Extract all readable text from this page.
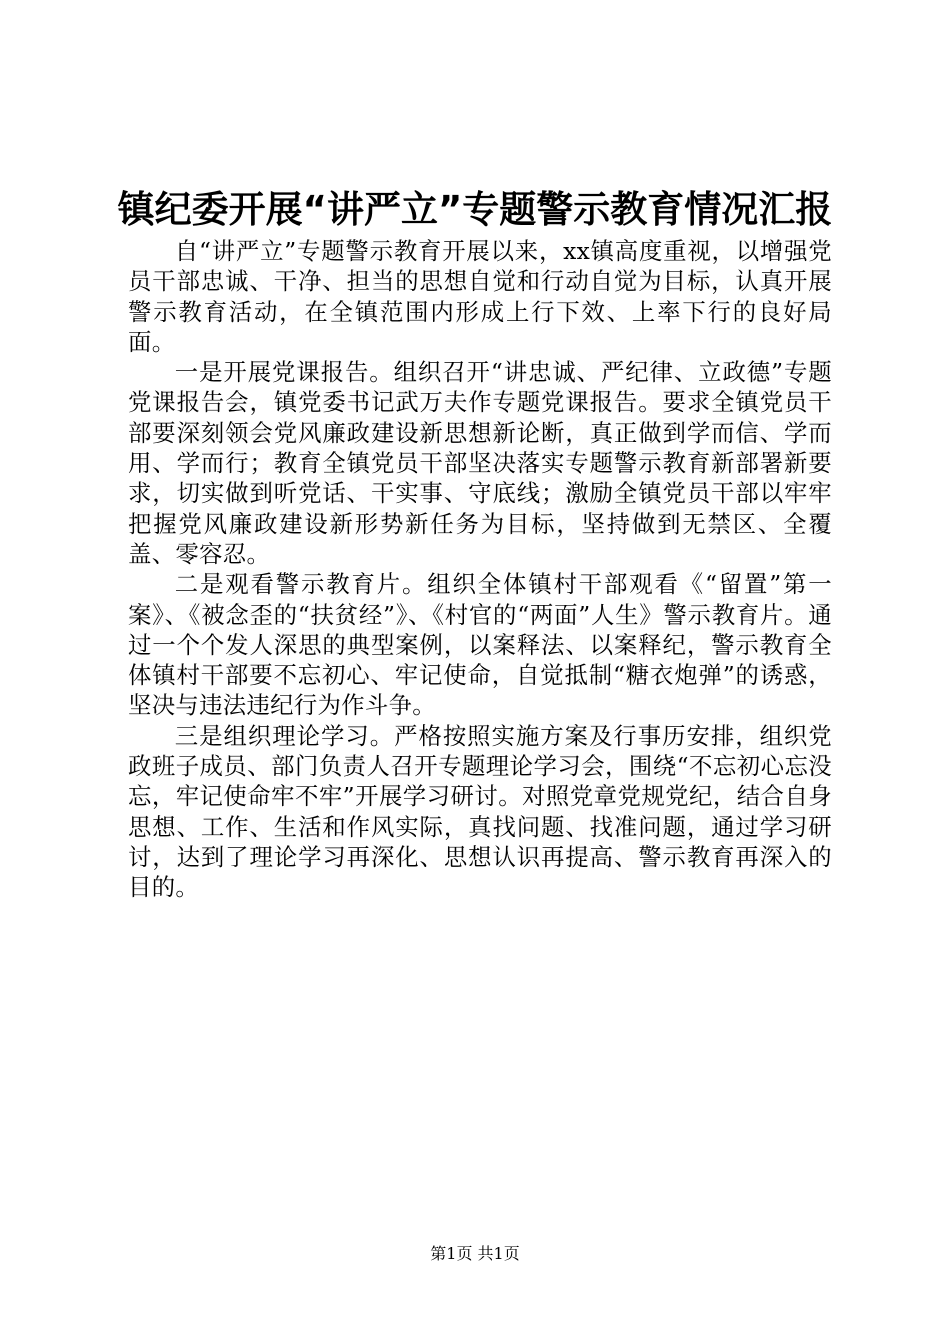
镇纪委开展“讲严立”专题警示教育情况汇报

自“讲严立”专题警示教育开展以来，xx镇高度重视，以增强党员干部忠诚、干净、担当的思想自觉和行动自觉为目标，认真开展警示教育活动，在全镇范围内形成上行下效、上率下行的良好局面。

一是开展党课报告。组织召开“讲忠诚、严纪律、立政德”专题党课报告会，镇党委书记武万夫作专题党课报告。要求全镇党员干部要深刻领会党风廉政建设新思想新论断，真正做到学而信、学而用、学而行；教育全镇党员干部坚决落实专题警示教育新部署新要求，切实做到听党话、干实事、守底线；激励全镇党员干部以牢牢把握党风廉政建设新形势新任务为目标，坚持做到无禁区、全覆盖、零容忍。

二是观看警示教育片。组织全体镇村干部观看《“留置”第一案》、《被念歪的“扶贫经”》、《村官的“两面”人生》警示教育片。通过一个个发人深思的典型案例，以案释法、以案释纪，警示教育全体镇村干部要不忘初心、牢记使命，自觉抵制“糖衣炮弹”的诱惑，坚决与违法违纪行为作斗争。

三是组织理论学习。严格按照实施方案及行事历安排，组织党政班子成员、部门负责人召开专题理论学习会，围绕“不忘初心忘没忘，牢记使命牢不牢”开展学习研讨。对照党章党规党纪，结合自身思想、工作、生活和作风实际，真找问题、找准问题，通过学习研讨，达到了理论学习再深化、思想认识再提高、警示教育再深入的目的。

第1页 共1页
